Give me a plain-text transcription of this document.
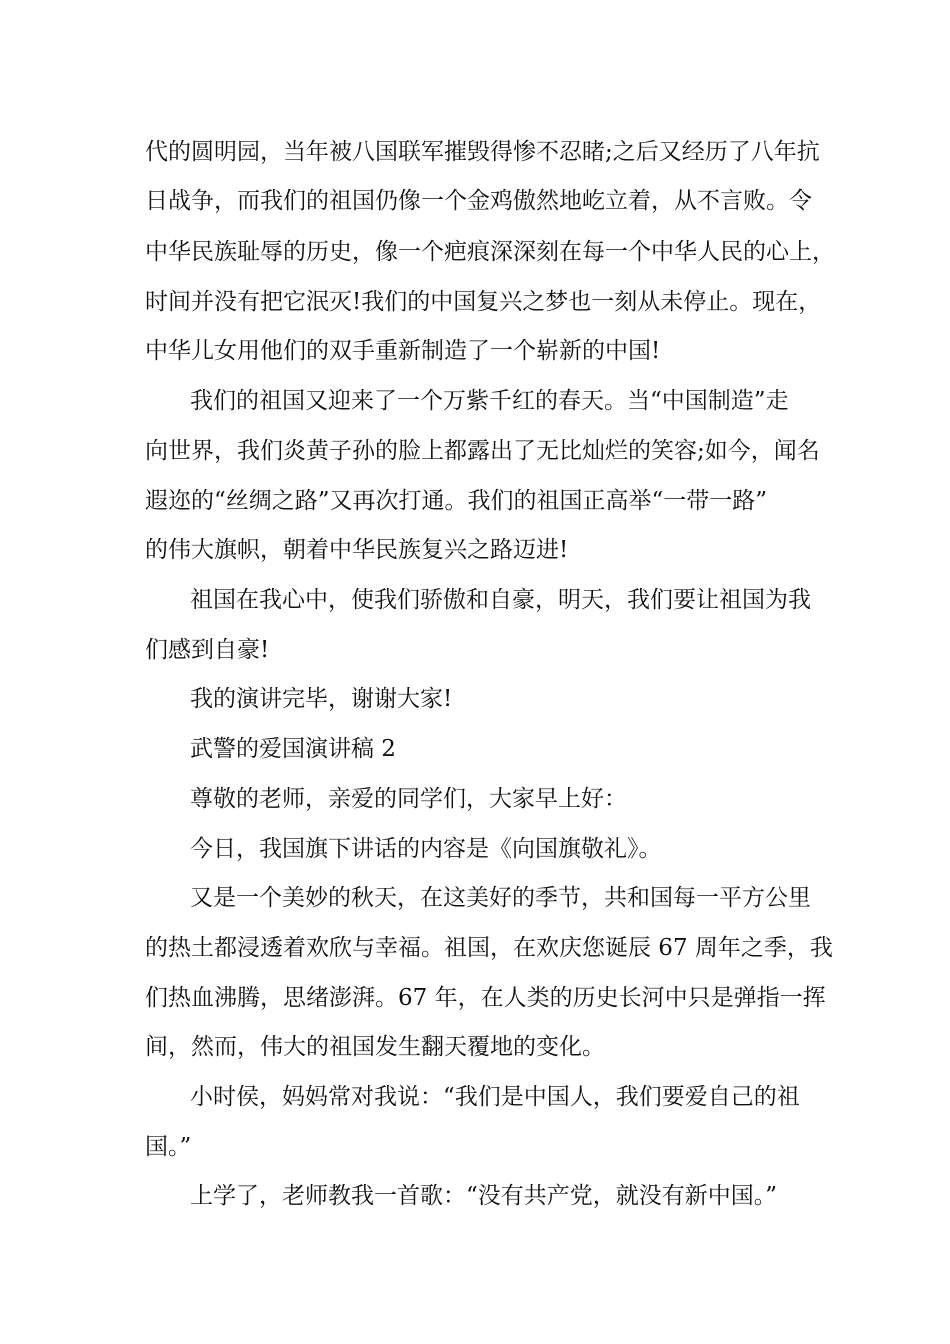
代的圆明园，当年被八国联军摧毁得惨不忍睹;之后又经历了八年抗
日战争，而我们的祖国仍像一个金鸡傲然地屹立着，从不言败。令
中华民族耻辱的历史，像一个疤痕深深刻在每一个中华人民的心上，
时间并没有把它泯灭!我们的中国复兴之梦也一刻从未停止。现在，
中华儿女用他们的双手重新制造了一个崭新的中国!
我们的祖国又迎来了一个万紫千红的春天。当“中国制造”走
向世界，我们炎黄子孙的脸上都露出了无比灿烂的笑容;如今，闻名
遐迩的“丝绸之路”又再次打通。我们的祖国正高举“一带一路”
的伟大旗帜，朝着中华民族复兴之路迈进!
祖国在我心中，使我们骄傲和自豪，明天，我们要让祖国为我
们感到自豪!
我的演讲完毕，谢谢大家!
武警的爱国演讲稿 2
尊敬的老师，亲爱的同学们，大家早上好：
今日，我国旗下讲话的内容是《向国旗敬礼》。
又是一个美妙的秋天，在这美好的季节，共和国每一平方公里
的热土都浸透着欢欣与幸福。祖国，在欢庆您诞辰 67 周年之季，我
们热血沸腾，思绪澎湃。67 年，在人类的历史长河中只是弹指一挥
间，然而，伟大的祖国发生翻天覆地的变化。
小时侯，妈妈常对我说：“我们是中国人，我们要爱自己的祖
国。”
上学了，老师教我一首歌：“没有共产党，就没有新中国。”
